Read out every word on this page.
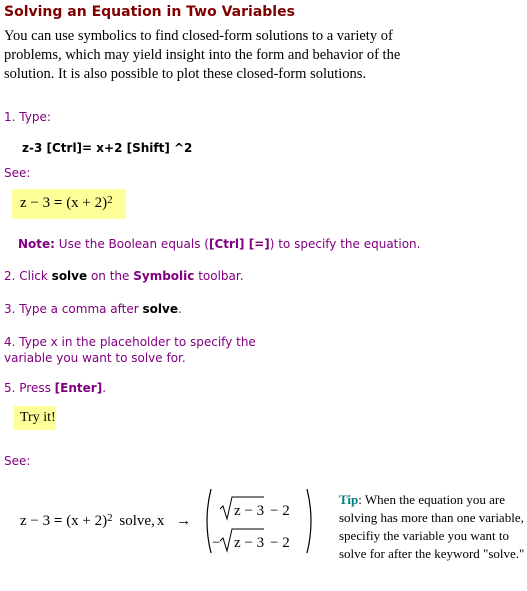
Solving an Equation in Two Variables
You can use symbolics to find closed-form solutions to a variety of problems, which may yield insight into the form and behavior of the solution. It is also possible to plot these closed-form solutions.
1. Type:
z-3 [Ctrl]= x+2 [Shift] ^2
See:
$z - 3 = (x + 2)^2$
Note: Use the Boolean equals ([Ctrl] [=]) to specify the equation.
2. Click solve on the Symbolic toolbar.
3. Type a comma after solve.
4. Type x in the placeholder to specify the
variable you want to solve for.
5. Press [Enter].
Try it!
See:
$z - 3 = (x + 2)^2$ solve, x →
z − 3 − 2
− z − 3 − 2
Tip: When the equation you are solving has more than one variable, specifiy the variable you want to solve for after the keyword "solve."
